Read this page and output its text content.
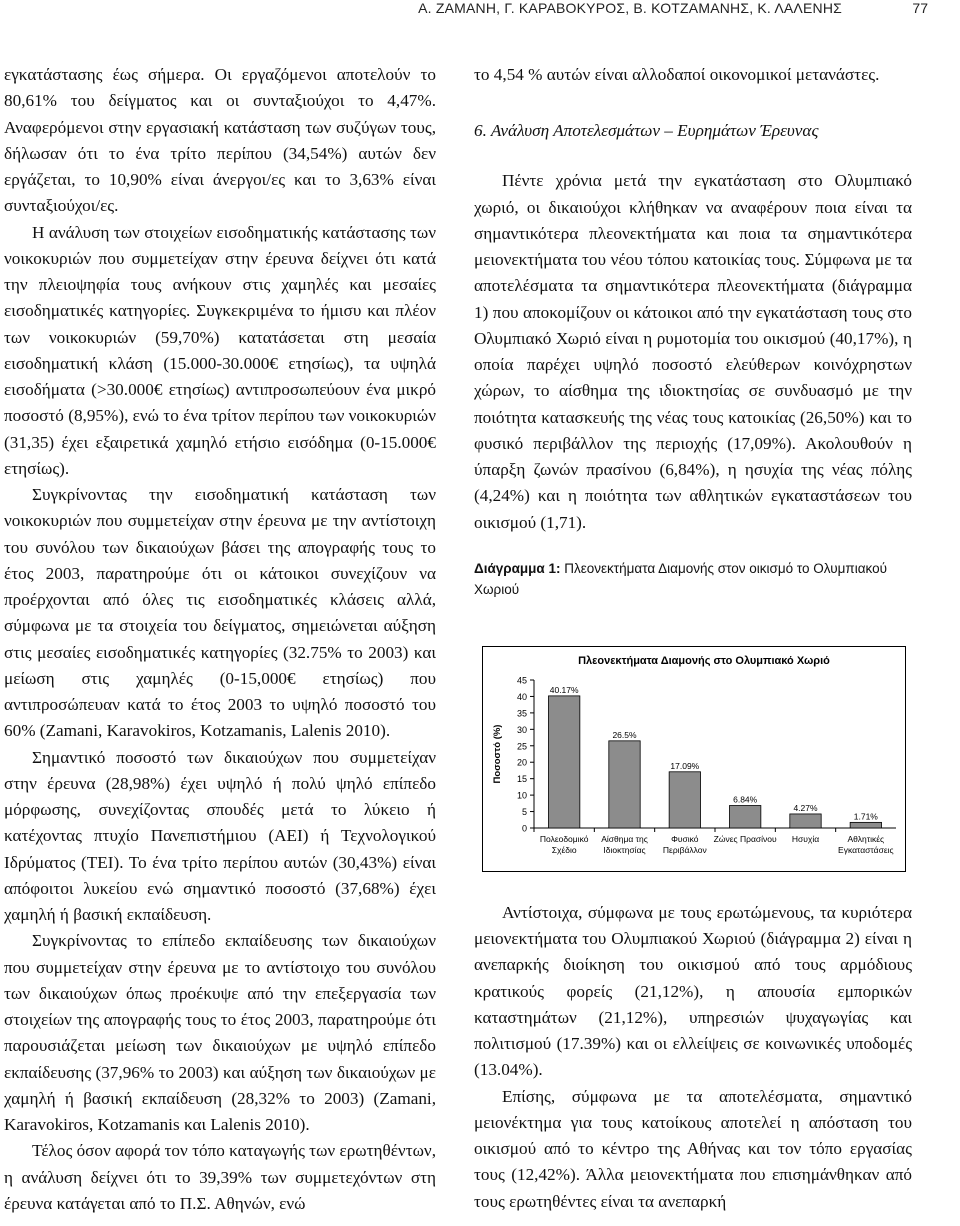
Α. ΖΑΜΑΝΗ, Γ. ΚΑΡΑΒΟΚΥΡΟΣ, Β. ΚΟΤΖΑΜΑΝΗΣ, Κ. ΛΑΛΕΝΗΣ	77

εγκατάστασης έως σήμερα. Οι εργαζόμενοι αποτελούν το 80,61% του δείγματος και οι συνταξιούχοι το 4,47%. Αναφερόμενοι στην εργασιακή κατάσταση των συζύγων τους, δήλωσαν ότι το ένα τρίτο περίπου (34,54%) αυτών δεν εργάζεται, το 10,90% είναι άνεργοι/ες και το 3,63% είναι συνταξιούχοι/ες.

Η ανάλυση των στοιχείων εισοδηματικής κατάστασης των νοικοκυριών που συμμετείχαν στην έρευνα δείχνει ότι κατά την πλειοψηφία τους ανήκουν στις χαμηλές και μεσαίες εισοδηματικές κατηγορίες. Συγκεκριμένα το ήμισυ και πλέον των νοικοκυριών (59,70%) κατατάσεται στη μεσαία εισοδηματική κλάση (15.000-30.000€ ετησίως), τα υψηλά εισοδήματα (>30.000€ ετησίως) αντιπροσωπεύουν ένα μικρό ποσοστό (8,95%), ενώ το ένα τρίτον περίπου των νοικοκυριών (31,35) έχει εξαιρετικά χαμηλό ετήσιο εισόδημα (0-15.000€ ετησίως).

Συγκρίνοντας την εισοδηματική κατάσταση των νοικοκυριών που συμμετείχαν στην έρευνα με την αντίστοιχη του συνόλου των δικαιούχων βάσει της απογραφής τους το έτος 2003, παρατηρούμε ότι οι κάτοικοι συνεχίζουν να προέρχονται από όλες τις εισοδηματικές κλάσεις αλλά, σύμφωνα με τα στοιχεία του δείγματος, σημειώνεται αύξηση στις μεσαίες εισοδηματικές κατηγορίες (32.75% το 2003) και μείωση στις χαμηλές (0-15,000€ ετησίως) που αντιπροσώπευαν κατά το έτος 2003 το υψηλό ποσοστό του 60% (Zamani, Karavokiros, Kotzamanis, Lalenis 2010).

Σημαντικό ποσοστό των δικαιούχων που συμμετείχαν στην έρευνα (28,98%) έχει υψηλό ή πολύ ψηλό επίπεδο μόρφωσης, συνεχίζοντας σπουδές μετά το λύκειο ή κατέχοντας πτυχίο Πανεπιστήμιου (ΑΕΙ) ή Τεχνολογικού Ιδρύματος (ΤΕΙ). Το ένα τρίτο περίπου αυτών (30,43%) είναι απόφοιτοι λυκείου ενώ σημαντικό ποσοστό (37,68%) έχει χαμηλή ή βασική εκπαίδευση.

Συγκρίνοντας το επίπεδο εκπαίδευσης των δικαιούχων που συμμετείχαν στην έρευνα με το αντίστοιχο του συνόλου των δικαιούχων όπως προέκυψε από την επεξεργασία των στοιχείων της απογραφής τους το έτος 2003, παρατηρούμε ότι παρουσιάζεται μείωση των δικαιούχων με υψηλό επίπεδο εκπαίδευσης (37,96% το 2003) και αύξηση των δικαιούχων με χαμηλή ή βασική εκπαίδευση (28,32% το 2003) (Zamani, Karavokiros, Kotzamanis και Lalenis 2010).

Τέλος όσον αφορά τον τόπο καταγωγής των ερωτηθέντων, η ανάλυση δείχνει ότι το 39,39% των συμμετεχόντων στη έρευνα κατάγεται από το Π.Σ. Αθηνών, ενώ

το 4,54 % αυτών είναι αλλοδαποί οικονομικοί μετανάστες.

6. Ανάλυση Αποτελεσμάτων – Ευρημάτων Έρευνας

Πέντε χρόνια μετά την εγκατάσταση στο Ολυμπιακό χωριό, οι δικαιούχοι κλήθηκαν να αναφέρουν ποια είναι τα σημαντικότερα πλεονεκτήματα και ποια τα σημαντικότερα μειονεκτήματα του νέου τόπου κατοικίας τους. Σύμφωνα με τα αποτελέσματα τα σημαντικότερα πλεονεκτήματα (διάγραμμα 1) που αποκομίζουν οι κάτοικοι από την εγκατάσταση τους στο Ολυμπιακό Χωριό είναι η ρυμοτομία του οικισμού (40,17%), η οποία παρέχει υψηλό ποσοστό ελεύθερων κοινόχρηστων χώρων, το αίσθημα της ιδιοκτησίας σε συνδυασμό με την ποιότητα κατασκευής της νέας τους κατοικίας (26,50%) και το φυσικό περιβάλλον της περιοχής (17,09%). Ακολουθούν η ύπαρξη ζωνών πρασίνου (6,84%), η ησυχία της νέας πόλης (4,24%) και η ποιότητα των αθλητικών εγκαταστάσεων του οικισμού (1,71).

Διάγραμμα 1: Πλεονεκτήματα Διαμονής στον οικισμό το Ολυμπιακού Χωριού

Πλεονεκτήματα Διαμονής στο Ολυμπιακό Χωριό
0
5
10
15
20
25
30
35
40
45
Ποσοστό (%)
40.17%
Πολεοδομικό
Σχέδιο
26.5%
Αίσθημα της
Ιδιοκτησίας
17.09%
Φυσικό
Περιβάλλον
6.84%
Ζώνες Πρασίνου
4.27%
Ησυχία
1.71%
Αθλητικές
Εγκαταστάσεις

Αντίστοιχα, σύμφωνα με τους ερωτώμενους, τα κυριότερα μειονεκτήματα του Ολυμπιακού Χωριού (διάγραμμα 2) είναι η ανεπαρκής διοίκηση του οικισμού από τους αρμόδιους κρατικούς φορείς (21,12%), η απουσία εμπορικών καταστημάτων (21,12%), υπηρεσιών ψυχαγωγίας και πολιτισμού (17.39%) και οι ελλείψεις σε κοινωνικές υποδομές (13.04%).

Επίσης, σύμφωνα με τα αποτελέσματα, σημαντικό μειονέκτημα για τους κατοίκους αποτελεί η απόσταση του οικισμού από το κέντρο της Αθήνας και τον τόπο εργασίας τους (12,42%). Άλλα μειονεκτήματα που επισημάνθηκαν από τους ερωτηθέντες είναι τα ανεπαρκή
